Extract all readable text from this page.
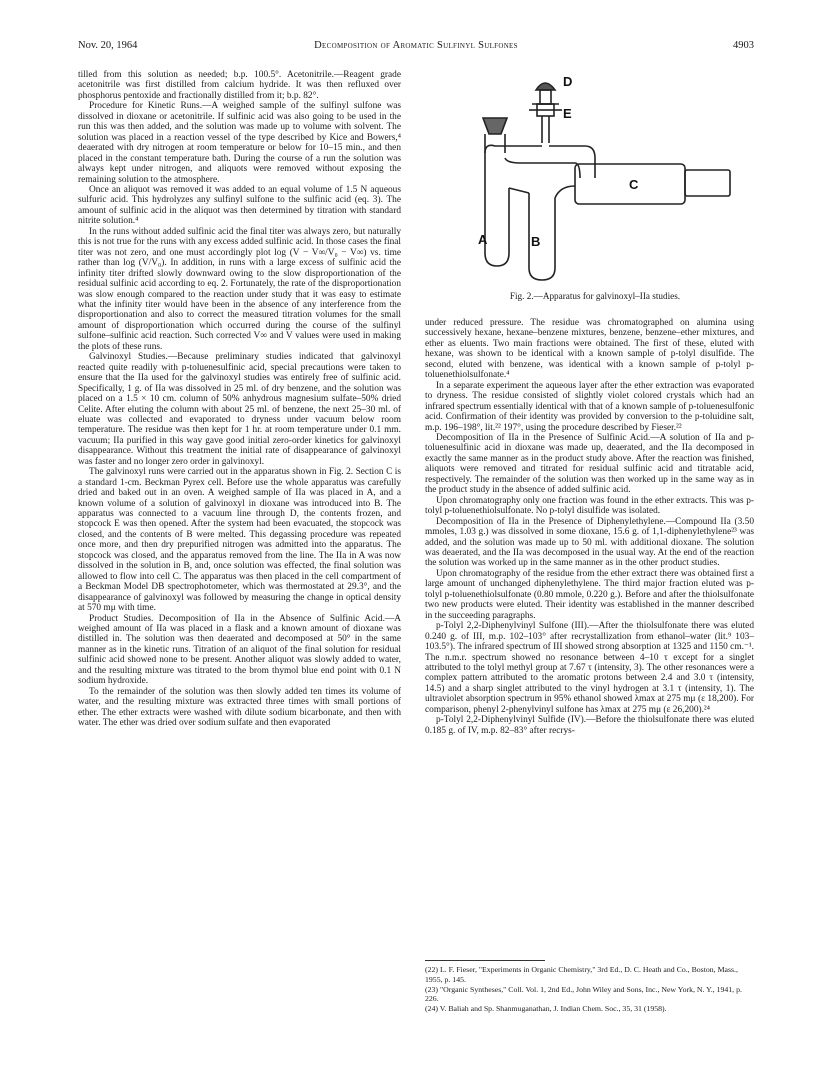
Nov. 20, 1964	Decomposition of Aromatic Sulfinyl Sulfones	4903

tilled from this solution as needed; b.p. 100.5°. Acetonitrile.—Reagent grade acetonitrile was first distilled from calcium hydride. It was then refluxed over phosphorus pentoxide and fractionally distilled from it; b.p. 82°.

Procedure for Kinetic Runs.—A weighed sample of the sulfinyl sulfone was dissolved in dioxane or acetonitrile. If sulfinic acid was also going to be used in the run this was then added, and the solution was made up to volume with solvent. The solution was placed in a reaction vessel of the type described by Kice and Bowers,⁴ deaerated with dry nitrogen at room temperature or below for 10–15 min., and then placed in the constant temperature bath. During the course of a run the solution was always kept under nitrogen, and aliquots were removed without exposing the remaining solution to the atmosphere.

Once an aliquot was removed it was added to an equal volume of 1.5 N aqueous sulfuric acid. This hydrolyzes any sulfinyl sulfone to the sulfinic acid (eq. 3). The amount of sulfinic acid in the aliquot was then determined by titration with standard nitrite solution.⁴

In the runs without added sulfinic acid the final titer was always zero, but naturally this is not true for the runs with any excess added sulfinic acid. In those cases the final titer was not zero, and one must accordingly plot log (V − V∞/V₀ − V∞) vs. time rather than log (V/V₀). In addition, in runs with a large excess of sulfinic acid the infinity titer drifted slowly downward owing to the slow disproportionation of the residual sulfinic acid according to eq. 2. Fortunately, the rate of the disproportionation was slow enough compared to the reaction under study that it was easy to estimate what the infinity titer would have been in the absence of any interference from the disproportionation and also to correct the measured titration volumes for the small amount of disproportionation which occurred during the course of the sulfinyl sulfone–sulfinic acid reaction. Such corrected V∞ and V values were used in making the plots of these runs.

Galvinoxyl Studies.—Because preliminary studies indicated that galvinoxyl reacted quite readily with p-toluenesulfinic acid, special precautions were taken to ensure that the IIa used for the galvinoxyl studies was entirely free of sulfinic acid. Specifically, 1 g. of IIa was dissolved in 25 ml. of dry benzene, and the solution was placed on a 1.5 × 10 cm. column of 50% anhydrous magnesium sulfate–50% dried Celite. After eluting the column with about 25 ml. of benzene, the next 25–30 ml. of eluate was collected and evaporated to dryness under vacuum below room temperature. The residue was then kept for 1 hr. at room temperature under 0.1 mm. vacuum; IIa purified in this way gave good initial zero-order kinetics for galvinoxyl disappearance. Without this treatment the initial rate of disappearance of galvinoxyl was faster and no longer zero order in galvinoxyl.

The galvinoxyl runs were carried out in the apparatus shown in Fig. 2. Section C is a standard 1-cm. Beckman Pyrex cell. Before use the whole apparatus was carefully dried and baked out in an oven. A weighed sample of IIa was placed in A, and a known volume of a solution of galvinoxyl in dioxane was introduced into B. The apparatus was connected to a vacuum line through D, the contents frozen, and stopcock E was then opened. After the system had been evacuated, the stopcock was closed, and the contents of B were melted. This degassing procedure was repeated once more, and then dry prepurified nitrogen was admitted into the apparatus. The stopcock was closed, and the apparatus removed from the line. The IIa in A was now dissolved in the solution in B, and, once solution was effected, the final solution was allowed to flow into cell C. The apparatus was then placed in the cell compartment of a Beckman Model DB spectrophotometer, which was thermostated at 29.3°, and the disappearance of galvinoxyl was followed by measuring the change in optical density at 570 mμ with time.

Product Studies. Decomposition of IIa in the Absence of Sulfinic Acid.—A weighed amount of IIa was placed in a flask and a known amount of dioxane was distilled in. The solution was then deaerated and decomposed at 50° in the same manner as in the kinetic runs. Titration of an aliquot of the final solution for residual sulfinic acid showed none to be present. Another aliquot was slowly added to water, and the resulting mixture was titrated to the brom thymol blue end point with 0.1 N sodium hydroxide.

To the remainder of the solution was then slowly added ten times its volume of water, and the resulting mixture was extracted three times with small portions of ether. The ether extracts were washed with dilute sodium bicarbonate, and then with water. The ether was dried over sodium sulfate and then evaporated

D
E
C
A	B
Fig. 2.—Apparatus for galvinoxyl–IIa studies.

under reduced pressure. The residue was chromatographed on alumina using successively hexane, hexane–benzene mixtures, benzene, benzene–ether mixtures, and ether as eluents. Two main fractions were obtained. The first of these, eluted with hexane, was shown to be identical with a known sample of p-tolyl disulfide. The second, eluted with benzene, was identical with a known sample of p-tolyl p-toluenethiolsulfonate.⁴

In a separate experiment the aqueous layer after the ether extraction was evaporated to dryness. The residue consisted of slightly violet colored crystals which had an infrared spectrum essentially identical with that of a known sample of p-toluenesulfonic acid. Confirmation of their identity was provided by conversion to the p-toluidine salt, m.p. 196–198°, lit.²² 197°, using the procedure described by Fieser.²²

Decomposition of IIa in the Presence of Sulfinic Acid.—A solution of IIa and p-toluenesulfinic acid in dioxane was made up, deaerated, and the IIa decomposed in exactly the same manner as in the product study above. After the reaction was finished, aliquots were removed and titrated for residual sulfinic acid and titratable acid, respectively. The remainder of the solution was then worked up in the same way as in the product study in the absence of added sulfinic acid.

Upon chromatography only one fraction was found in the ether extracts. This was p-tolyl p-toluenethiolsulfonate. No p-tolyl disulfide was isolated.

Decomposition of IIa in the Presence of Diphenylethylene.—Compound IIa (3.50 mmoles, 1.03 g.) was dissolved in some dioxane, 15.6 g. of 1,1-diphenylethylene²³ was added, and the solution was made up to 50 ml. with additional dioxane. The solution was deaerated, and the IIa was decomposed in the usual way. At the end of the reaction the solution was worked up in the same manner as in the other product studies.

Upon chromatography of the residue from the ether extract there was obtained first a large amount of unchanged diphenylethylene. The third major fraction eluted was p-tolyl p-toluenethiolsulfonate (0.80 mmole, 0.220 g.). Before and after the thiolsulfonate two new products were eluted. Their identity was established in the manner described in the succeeding paragraphs.

p-Tolyl 2,2-Diphenylvinyl Sulfone (III).—After the thiolsulfonate there was eluted 0.240 g. of III, m.p. 102–103° after recrystallization from ethanol–water (lit.⁹ 103–103.5°). The infrared spectrum of III showed strong absorption at 1325 and 1150 cm.⁻¹. The n.m.r. spectrum showed no resonance between 4–10 τ except for a singlet attributed to the tolyl methyl group at 7.67 τ (intensity, 3). The other resonances were a complex pattern attributed to the aromatic protons between 2.4 and 3.0 τ (intensity, 14.5) and a sharp singlet attributed to the vinyl hydrogen at 3.1 τ (intensity, 1). The ultraviolet absorption spectrum in 95% ethanol showed λmax at 275 mμ (ε 18,200). For comparison, phenyl 2-phenylvinyl sulfone has λmax at 275 mμ (ε 26,200).²⁴

p-Tolyl 2,2-Diphenylvinyl Sulfide (IV).—Before the thiolsulfonate there was eluted 0.185 g. of IV, m.p. 82–83° after recrys-

(22) L. F. Fieser, "Experiments in Organic Chemistry," 3rd Ed., D. C. Heath and Co., Boston, Mass., 1955, p. 145.
(23) "Organic Syntheses," Coll. Vol. 1, 2nd Ed., John Wiley and Sons, Inc., New York, N. Y., 1941, p. 226.
(24) V. Baliah and Sp. Shanmuganathan, J. Indian Chem. Soc., 35, 31 (1958).
